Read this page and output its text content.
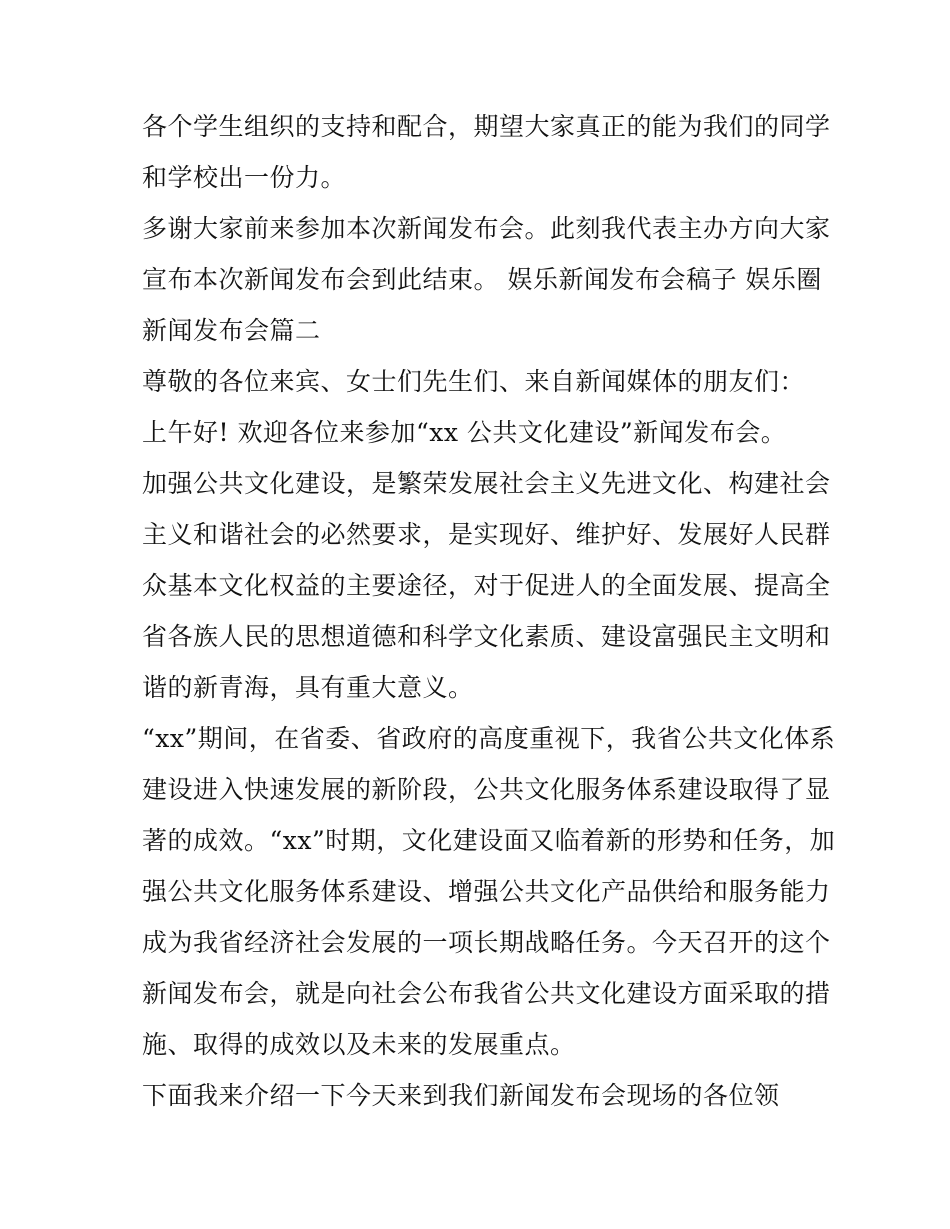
各个学生组织的支持和配合，期望大家真正的能为我们的同学
和学校出一份力。
多谢大家前来参加本次新闻发布会。此刻我代表主办方向大家
宣布本次新闻发布会到此结束。 娱乐新闻发布会稿子 娱乐圈
新闻发布会篇二
尊敬的各位来宾、女士们先生们、来自新闻媒体的朋友们：
上午好! 欢迎各位来参加“xx 公共文化建设”新闻发布会。
加强公共文化建设，是繁荣发展社会主义先进文化、构建社会
主义和谐社会的必然要求，是实现好、维护好、发展好人民群
众基本文化权益的主要途径，对于促进人的全面发展、提高全
省各族人民的思想道德和科学文化素质、建设富强民主文明和
谐的新青海，具有重大意义。
“xx”期间，在省委、省政府的高度重视下，我省公共文化体系
建设进入快速发展的新阶段，公共文化服务体系建设取得了显
著的成效。“xx”时期，文化建设面又临着新的形势和任务，加
强公共文化服务体系建设、增强公共文化产品供给和服务能力
成为我省经济社会发展的一项长期战略任务。今天召开的这个
新闻发布会，就是向社会公布我省公共文化建设方面采取的措
施、取得的成效以及未来的发展重点。
下面我来介绍一下今天来到我们新闻发布会现场的各位领
